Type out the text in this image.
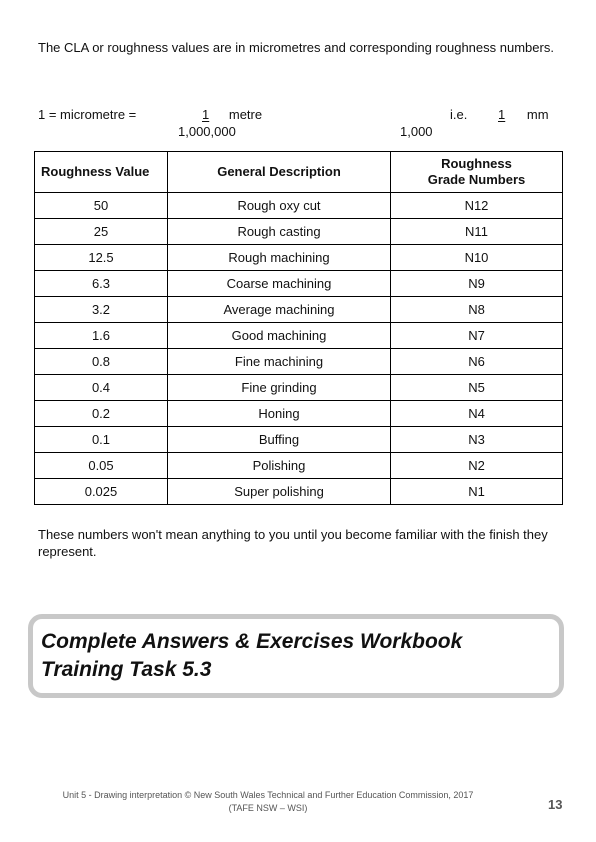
The CLA or roughness values are in micrometres and corresponding roughness numbers.
1 = micrometre =	1 metre
1,000,000
i.e.	1 mm
1,000
Roughness Value	General Description	Roughness Grade Numbers
50	Rough oxy cut	N12
25	Rough casting	N11
12.5	Rough machining	N10
6.3	Coarse machining	N9
3.2	Average machining	N8
1.6	Good machining	N7
0.8	Fine machining	N6
0.4	Fine grinding	N5
0.2	Honing	N4
0.1	Buffing	N3
0.05	Polishing	N2
0.025	Super polishing	N1
These numbers won't mean anything to you until you become familiar with the finish they represent.
Complete Answers & Exercises Workbook
Training Task 5.3
Unit 5 - Drawing interpretation © New South Wales Technical and Further Education Commission, 2017
(TAFE NSW – WSI)	13
